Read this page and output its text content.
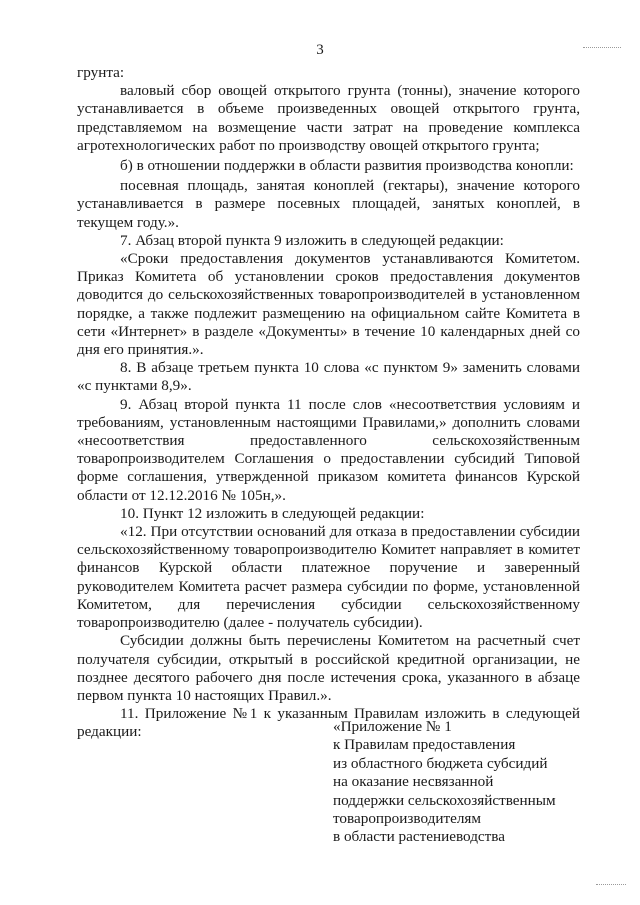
3

грунта:

валовый сбор овощей открытого грунта (тонны), значение которого устанавливается в объеме произведенных овощей открытого грунта, представляемом на возмещение части затрат на проведение комплекса агротехнологических работ по производству овощей открытого грунта;

б) в отношении поддержки в области развития производства конопли:

посевная площадь, занятая коноплей (гектары), значение которого устанавливается в размере посевных площадей, занятых коноплей, в текущем году.».

7. Абзац второй пункта 9 изложить в следующей редакции:

«Сроки предоставления документов устанавливаются Комитетом. Приказ Комитета об установлении сроков предоставления документов доводится до сельскохозяйственных товаропроизводителей в установленном порядке, а также подлежит размещению на официальном сайте Комитета в сети «Интернет» в разделе «Документы» в течение 10 календарных дней со дня его принятия.».

8. В абзаце третьем пункта 10 слова «с пунктом 9» заменить словами «с пунктами 8,9».

9. Абзац второй пункта 11 после слов «несоответствия условиям и требованиям, установленным настоящими Правилами,» дополнить словами «несоответствия предоставленного сельскохозяйственным товаропроизводителем Соглашения о предоставлении субсидий Типовой форме соглашения, утвержденной приказом комитета финансов Курской области от 12.12.2016 № 105н,».

10. Пункт 12 изложить в следующей редакции:

«12. При отсутствии оснований для отказа в предоставлении субсидии сельскохозяйственному товаропроизводителю Комитет направляет в комитет финансов Курской области платежное поручение и заверенный руководителем Комитета расчет размера субсидии по форме, установленной Комитетом, для перечисления субсидии сельскохозяйственному товаропроизводителю (далее - получатель субсидии).

Субсидии должны быть перечислены Комитетом на расчетный счет получателя субсидии, открытый в российской кредитной организации, не позднее десятого рабочего дня после истечения срока, указанного в абзаце первом пункта 10 настоящих Правил.».

11. Приложение №1 к указанным Правилам изложить в следующей редакции:	«Приложение № 1
к Правилам предоставления
из областного бюджета субсидий
на оказание несвязанной
поддержки сельскохозяйственным
товаропроизводителям
в области растениеводства
